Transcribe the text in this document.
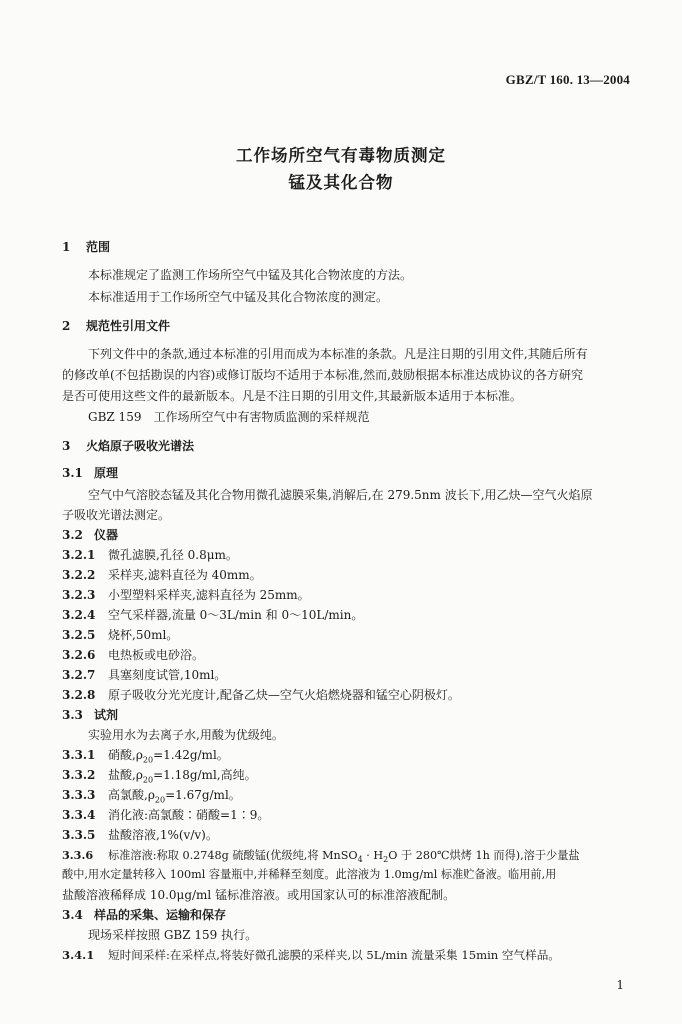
GBZ/T 160. 13—2004
工作场所空气有毒物质测定
锰及其化合物
1 范围
本标准规定了监测工作场所空气中锰及其化合物浓度的方法。
本标准适用于工作场所空气中锰及其化合物浓度的测定。
2 规范性引用文件
下列文件中的条款,通过本标准的引用而成为本标准的条款。凡是注日期的引用文件,其随后所有
的修改单(不包括勘误的内容)或修订版均不适用于本标准,然而,鼓励根据本标准达成协议的各方研究
是否可使用这些文件的最新版本。凡是不注日期的引用文件,其最新版本适用于本标准。
GBZ 159　工作场所空气中有害物质监测的采样规范
3 火焰原子吸收光谱法
3.1 原理
空气中气溶胶态锰及其化合物用微孔滤膜采集,消解后,在 279.5nm 波长下,用乙炔—空气火焰原
子吸收光谱法测定。
3.2 仪器
3.2.1 微孔滤膜,孔径 0.8μm。
3.2.2 采样夹,滤料直径为 40mm。
3.2.3 小型塑料采样夹,滤料直径为 25mm。
3.2.4 空气采样器,流量 0～3L/min 和 0～10L/min。
3.2.5 烧杯,50ml。
3.2.6 电热板或电砂浴。
3.2.7 具塞刻度试管,10ml。
3.2.8 原子吸收分光光度计,配备乙炔—空气火焰燃烧器和锰空心阴极灯。
3.3 试剂
实验用水为去离子水,用酸为优级纯。
3.3.1 硝酸$,\rho_{20}=1.42g/ml$。
3.3.2 盐酸$,\rho_{20}=1.18g/ml$,高纯。
3.3.3 高氯酸$,\rho_{20}=1.67g/ml$。
3.3.4 消化液:高氯酸∶硝酸=1∶9。
3.3.5 盐酸溶液,1%(v/v)。
3.3.6 标准溶液:称取 0.2748g 硫酸锰(优级纯,将 MnSO$_4$ · $H_2O$ 于 280℃烘烤 1h 而得),溶于少量盐
酸中,用水定量转移入 100ml 容量瓶中,并稀释至刻度。此溶液为 1.0mg/ml 标准贮备液。临用前,用
盐酸溶液稀释成 10.0μg/ml 锰标准溶液。或用国家认可的标准溶液配制。
3.4 样品的采集、运输和保存
现场采样按照 GBZ 159 执行。
3.4.1 短时间采样:在采样点,将装好微孔滤膜的采样夹,以 5L/min 流量采集 15min 空气样品。
1
